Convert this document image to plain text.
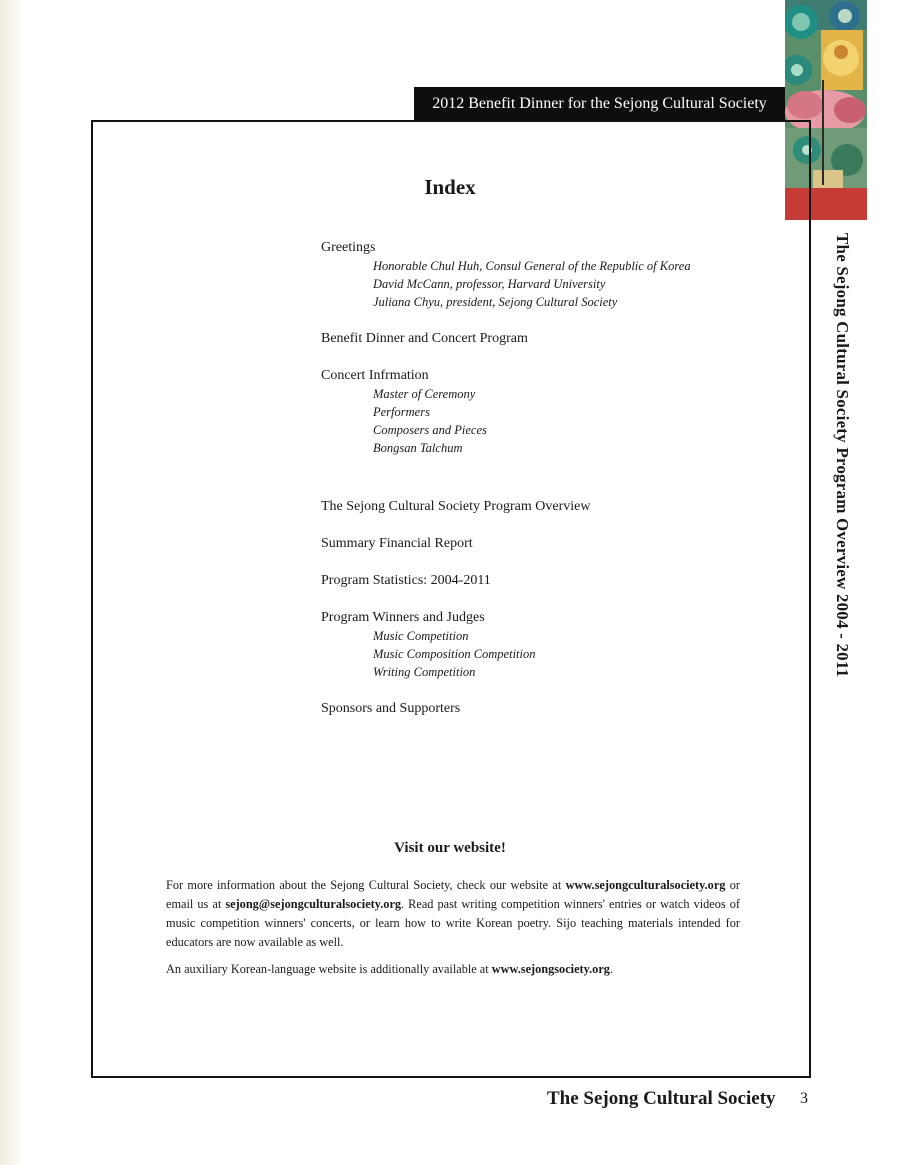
2012 Benefit Dinner for the Sejong Cultural Society
Index
Greetings
Honorable Chul Huh, Consul General of the Republic of Korea
David McCann, professor, Harvard University
Juliana Chyu, president, Sejong Cultural Society
Benefit Dinner and Concert Program
Concert Infrmation
Master of Ceremony
Performers
Composers and Pieces
Bongsan Talchum
The Sejong Cultural Society Program Overview
Summary Financial Report
Program Statistics: 2004-2011
Program Winners and Judges
Music Competition
Music Composition Competition
Writing Competition
Sponsors and Supporters
Visit our website!

For more information about the Sejong Cultural Society, check our website at www.sejongculturalsociety.org or email us at sejong@sejongculturalsociety.org. Read past writing competition winners' entries or watch videos of music competition winners' concerts, or learn how to write Korean poetry. Sijo teaching materials intended for educators are now available as well.

An auxiliary Korean-language website is additionally available at www.sejongsociety.org.

The Sejong Cultural Society Program Overview 2004 - 2011
The Sejong Cultural Society 3
